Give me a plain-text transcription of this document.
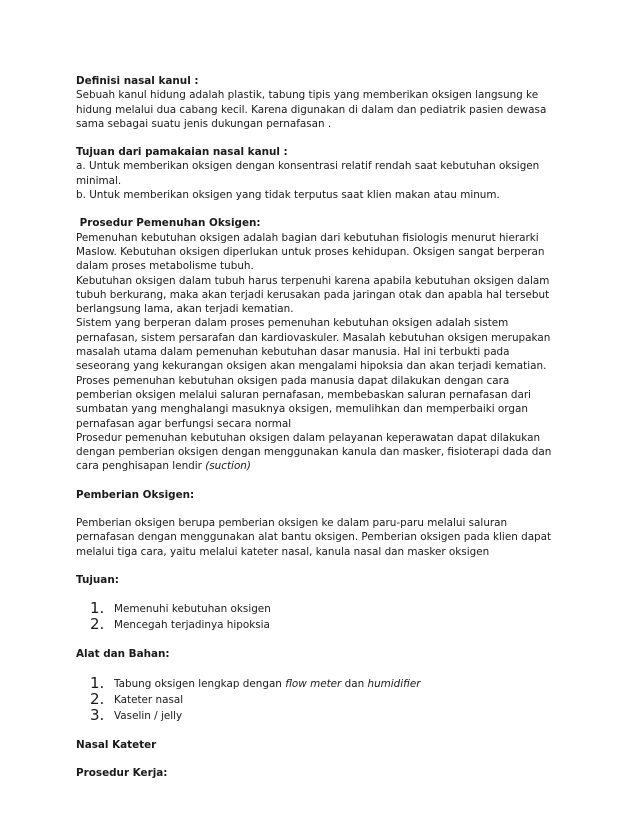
Definisi nasal kanul :
Sebuah kanul hidung adalah plastik, tabung tipis yang memberikan oksigen langsung ke
hidung melalui dua cabang kecil. Karena digunakan di dalam dan pediatrik pasien dewasa
sama sebagai suatu jenis dukungan pernafasan .
Tujuan dari pamakaian nasal kanul :
a. Untuk memberikan oksigen dengan konsentrasi relatif rendah saat kebutuhan oksigen
minimal.
b. Untuk memberikan oksigen yang tidak terputus saat klien makan atau minum.
Prosedur Pemenuhan Oksigen:
Pemenuhan kebutuhan oksigen adalah bagian dari kebutuhan fisiologis menurut hierarki
Maslow. Kebutuhan oksigen diperlukan untuk proses kehidupan. Oksigen sangat berperan
dalam proses metabolisme tubuh.
Kebutuhan oksigen dalam tubuh harus terpenuhi karena apabila kebutuhan oksigen dalam
tubuh berkurang, maka akan terjadi kerusakan pada jaringan otak dan apabla hal tersebut
berlangsung lama, akan terjadi kematian.
Sistem yang berperan dalam proses pemenuhan kebutuhan oksigen adalah sistem
pernafasan, sistem persarafan dan kardiovaskuler. Masalah kebutuhan oksigen merupakan
masalah utama dalam pemenuhan kebutuhan dasar manusia. Hal ini terbukti pada
seseorang yang kekurangan oksigen akan mengalami hipoksia dan akan terjadi kematian.
Proses pemenuhan kebutuhan oksigen pada manusia dapat dilakukan dengan cara
pemberian oksigen melalui saluran pernafasan, membebaskan saluran pernafasan dari
sumbatan yang menghalangi masuknya oksigen, memulihkan dan memperbaiki organ
pernafasan agar berfungsi secara normal
Prosedur pemenuhan kebutuhan oksigen dalam pelayanan keperawatan dapat dilakukan
dengan pemberian oksigen dengan menggunakan kanula dan masker, fisioterapi dada dan
cara penghisapan lendir (suction)
Pemberian Oksigen:
Pemberian oksigen berupa pemberian oksigen ke dalam paru-paru melalui saluran
pernafasan dengan menggunakan alat bantu oksigen. Pemberian oksigen pada klien dapat
melalui tiga cara, yaitu melalui kateter nasal, kanula nasal dan masker oksigen
Tujuan:
1. Memenuhi kebutuhan oksigen
2. Mencegah terjadinya hipoksia
Alat dan Bahan:
1. Tabung oksigen lengkap dengan flow meter dan humidifier
2. Kateter nasal
3. Vaselin / jelly
Nasal Kateter
Prosedur Kerja:
